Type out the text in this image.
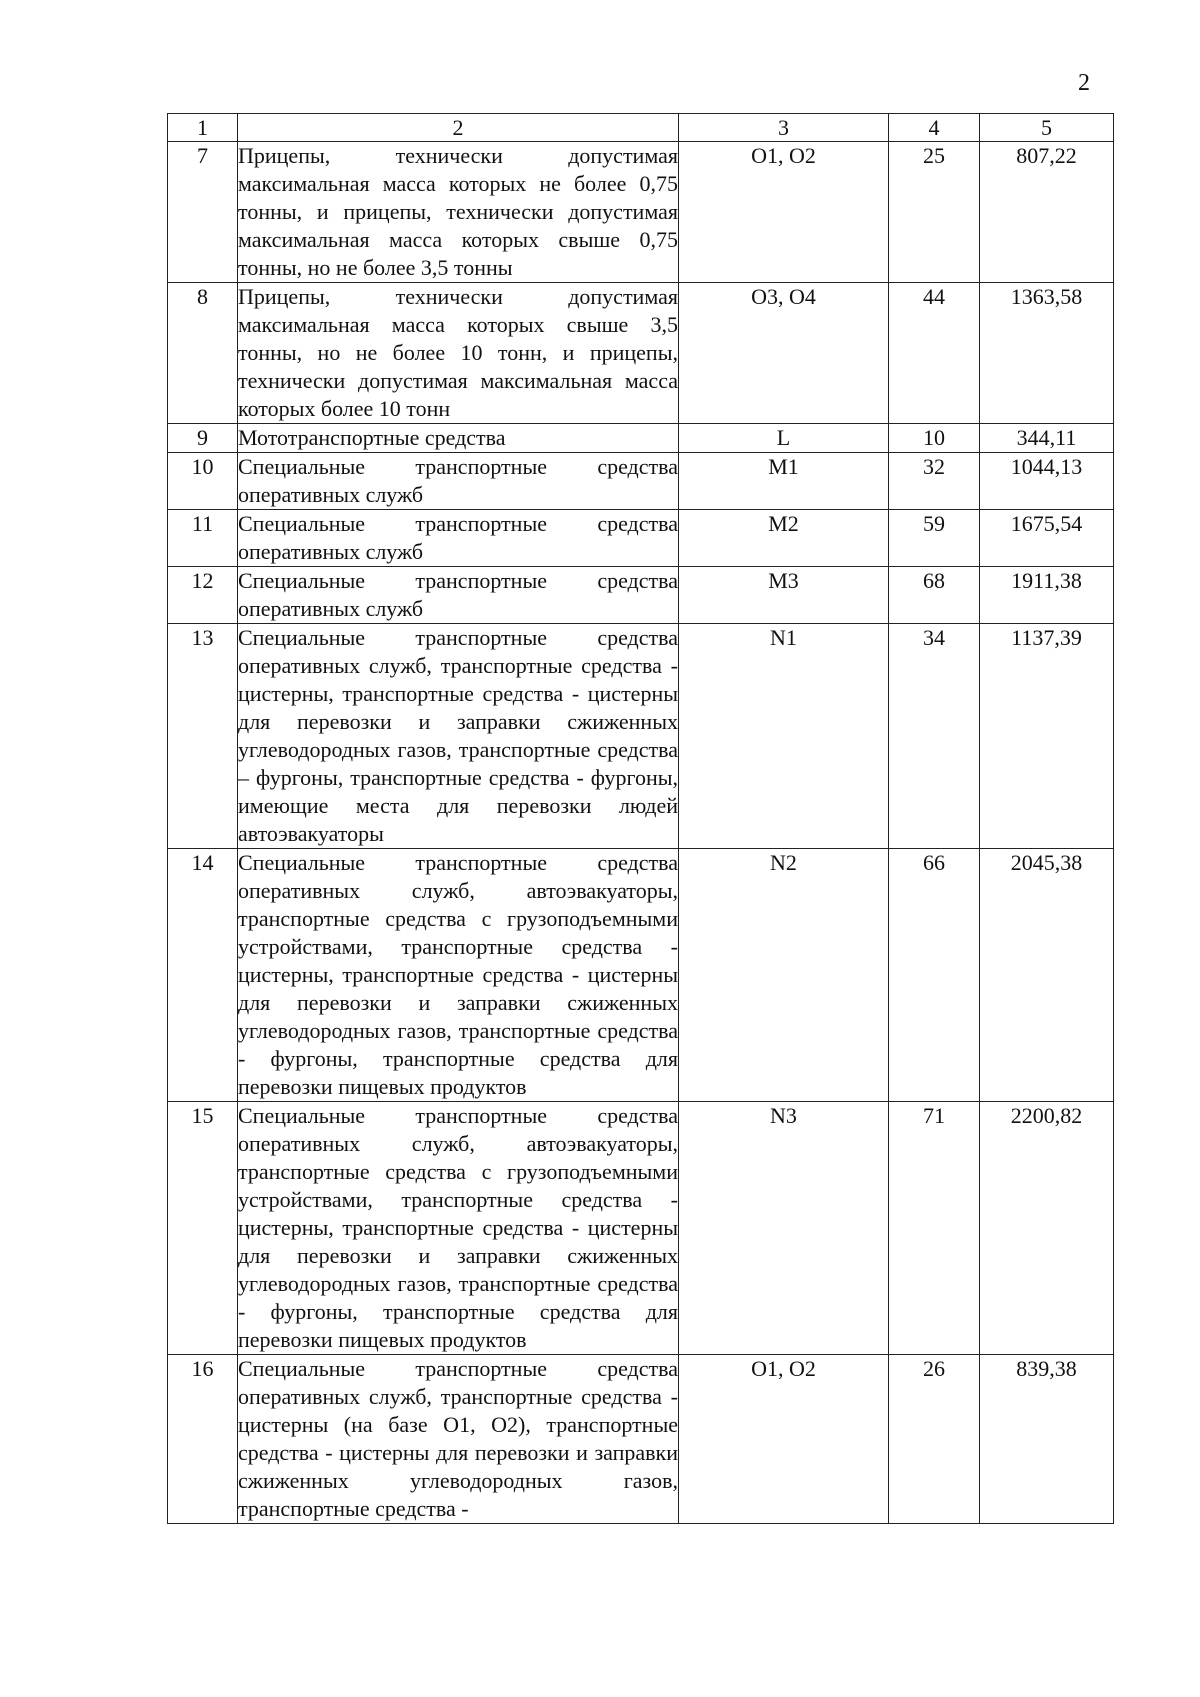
2
1	2	3	4	5
7	Прицепы, технически допустимая максимальная масса которых не более 0,75 тонны, и прицепы, технически допустимая максимальная масса которых свыше 0,75 тонны, но не более 3,5 тонны	O1, O2	25	807,22
8	Прицепы, технически допустимая максимальная масса которых свыше 3,5 тонны, но не более 10 тонн, и прицепы, технически допустимая максимальная масса которых более 10 тонн	O3, O4	44	1363,58
9	Мототранспортные средства	L	10	344,11
10	Специальные транспортные средства оперативных служб	M1	32	1044,13
11	Специальные транспортные средства оперативных служб	M2	59	1675,54
12	Специальные транспортные средства оперативных служб	M3	68	1911,38
13	Специальные транспортные средства оперативных служб, транспортные средства - цистерны, транспортные средства - цистерны для перевозки и заправки сжиженных углеводородных газов, транспортные средства – фургоны, транспортные средства - фургоны, имеющие места для перевозки людей автоэвакуаторы	N1	34	1137,39
14	Специальные транспортные средства оперативных служб, автоэвакуаторы, транспортные средства с грузоподъемными устройствами, транспортные средства - цистерны, транспортные средства - цистерны для перевозки и заправки сжиженных углеводородных газов, транспортные средства - фургоны, транспортные средства для перевозки пищевых продуктов	N2	66	2045,38
15	Специальные транспортные средства оперативных служб, автоэвакуаторы, транспортные средства с грузоподъемными устройствами, транспортные средства - цистерны, транспортные средства - цистерны для перевозки и заправки сжиженных углеводородных газов, транспортные средства - фургоны, транспортные средства для перевозки пищевых продуктов	N3	71	2200,82
16	Специальные транспортные средства оперативных служб, транспортные средства - цистерны (на базе O1, O2), транспортные средства - цистерны для перевозки и заправки сжиженных углеводородных газов, транспортные средства -	O1, O2	26	839,38
